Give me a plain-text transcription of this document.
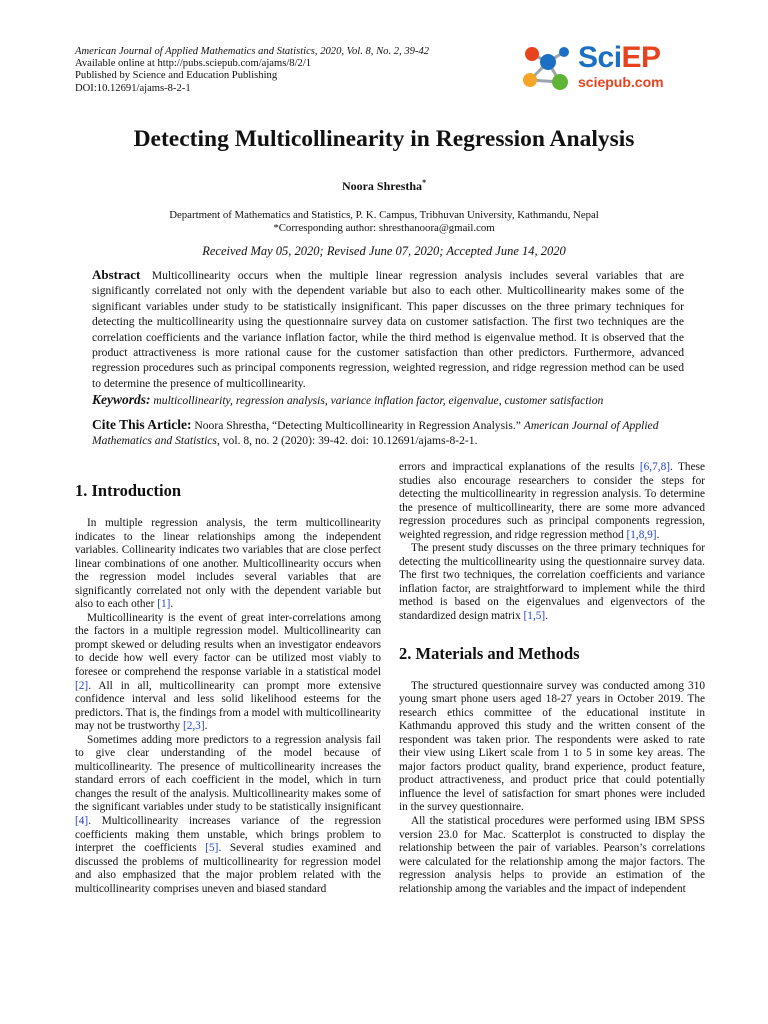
American Journal of Applied Mathematics and Statistics, 2020, Vol. 8, No. 2, 39-42
Available online at http://pubs.sciepub.com/ajams/8/2/1
Published by Science and Education Publishing
DOI:10.12691/ajams-8-2-1
SciEP
sciepub.com
Detecting Multicollinearity in Regression Analysis
Noora Shrestha*
Department of Mathematics and Statistics, P. K. Campus, Tribhuvan University, Kathmandu, Nepal
*Corresponding author: shresthanoora@gmail.com
Received May 05, 2020; Revised June 07, 2020; Accepted June 14, 2020
Abstract Multicollinearity occurs when the multiple linear regression analysis includes several variables that are significantly correlated not only with the dependent variable but also to each other. Multicollinearity makes some of the significant variables under study to be statistically insignificant. This paper discusses on the three primary techniques for detecting the multicollinearity using the questionnaire survey data on customer satisfaction. The first two techniques are the correlation coefficients and the variance inflation factor, while the third method is eigenvalue method. It is observed that the product attractiveness is more rational cause for the customer satisfaction than other predictors. Furthermore, advanced regression procedures such as principal components regression, weighted regression, and ridge regression method can be used to determine the presence of multicollinearity.
Keywords: multicollinearity, regression analysis, variance inflation factor, eigenvalue, customer satisfaction
Cite This Article: Noora Shrestha, “Detecting Multicollinearity in Regression Analysis.” American Journal of Applied Mathematics and Statistics, vol. 8, no. 2 (2020): 39-42. doi: 10.12691/ajams-8-2-1.
1. Introduction

In multiple regression analysis, the term multicollinearity indicates to the linear relationships among the independent variables. Collinearity indicates two variables that are close perfect linear combinations of one another. Multicollinearity occurs when the regression model includes several variables that are significantly correlated not only with the dependent variable but also to each other [1].

Multicollinearity is the event of great inter-correlations among the factors in a multiple regression model. Multicollinearity can prompt skewed or deluding results when an investigator endeavors to decide how well every factor can be utilized most viably to foresee or comprehend the response variable in a statistical model [2]. All in all, multicollinearity can prompt more extensive confidence interval and less solid likelihood esteems for the predictors. That is, the findings from a model with multicollinearity may not be trustworthy [2,3].

Sometimes adding more predictors to a regression analysis fail to give clear understanding of the model because of multicollinearity. The presence of multicollinearity increases the standard errors of each coefficient in the model, which in turn changes the result of the analysis. Multicollinearity makes some of the significant variables under study to be statistically insignificant [4]. Multicollinearity increases variance of the regression coefficients making them unstable, which brings problem to interpret the coefficients [5]. Several studies examined and discussed the problems of multicollinearity for regression model and also emphasized that the major problem related with the multicollinearity comprises uneven and biased standard

errors and impractical explanations of the results [6,7,8]. These studies also encourage researchers to consider the steps for detecting the multicollinearity in regression analysis. To determine the presence of multicollinearity, there are some more advanced regression procedures such as principal components regression, weighted regression, and ridge regression method [1,8,9].

The present study discusses on the three primary techniques for detecting the multicollinearity using the questionnaire survey data. The first two techniques, the correlation coefficients and variance inflation factor, are straightforward to implement while the third method is based on the eigenvalues and eigenvectors of the standardized design matrix [1,5].

2. Materials and Methods

The structured questionnaire survey was conducted among 310 young smart phone users aged 18-27 years in October 2019. The research ethics committee of the educational institute in Kathmandu approved this study and the written consent of the respondent was taken prior. The respondents were asked to rate their view using Likert scale from 1 to 5 in some key areas. The major factors product quality, brand experience, product feature, product attractiveness, and product price that could potentially influence the level of satisfaction for smart phones were included in the survey questionnaire.

All the statistical procedures were performed using IBM SPSS version 23.0 for Mac. Scatterplot is constructed to display the relationship between the pair of variables. Pearson’s correlations were calculated for the relationship among the major factors. The regression analysis helps to provide an estimation of the relationship among the variables and the impact of independent
